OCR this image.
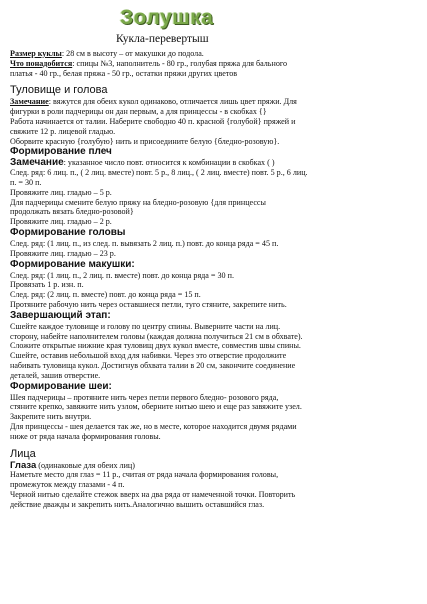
Золушка
Кукла-перевертыш

Размер куклы: 28 см в высоту – от макушки до подола.

Что понадобится: спицы №3, наполнитель - 80 гр., голубая пряжа для бального

платья - 40 гр., белая пряжа - 50 гр., остатки пряжи других цветов

Туловище и голова

Замечание: вяжутся для обеих кукол одинаково, отличается лишь цвет пряжи. Для

фигурки в роли падчерицы он дан первым, а для принцессы - в скобках {}

Работа начинается от талии. Наберите свободно 40 п. красной {голубой} пряжей и

свяжите 12 р. лицевой гладью.

Оборвите красную {голубую} нить и присоедините белую {бледно-розовую}.

Формирование плеч

Замечание: указанное число повт. относится к комбинации в скобках ( )

След. ряд: 6 лиц. п., ( 2 лиц. вместе) повт. 5 р., 8 лиц., ( 2 лиц. вместе) повт. 5 р., 6 лиц.

п. = 30 п.

Провяжите лиц. гладью – 5 р.

Для падчерицы смените белую пряжу на бледно-розовую {для принцессы

продолжать вязать бледно-розовой}

Провяжите лиц. гладью – 2 р.

Формирование головы

След. ряд: (1 лиц. п., из след. п. вывязать 2 лиц. п.) повт. до конца ряда = 45 п.

Провяжите лиц. гладью – 23 р.

Формирование макушки:

След. ряд: (1 лиц. п., 2 лиц. п. вместе) повт. до конца ряда = 30 п.

Провязать 1 р. изн. п.

След. ряд: (2 лиц. п. вместе) повт. до конца ряда = 15 п.

Протяните рабочую нить через оставшиеся петли, туго стяните, закрепите нить.

Завершающий этап:

Сшейте каждое туловище и голову по центру спины. Выверните части на лиц.

сторону, набейте наполнителем головы (каждая должна получиться 21 см в обхвате).

Сложите открытые нижние края туловищ двух кукол вместе, совместив швы спины.

Сшейте, оставив небольшой вход для набивки. Через это отверстие продолжите

набивать туловища кукол. Достигнув обхвата талии в 20 см, закончите соединение

деталей, зашив отверстие.

Формирование шеи:

Шея падчерицы – протяните нить через петли первого бледно- розового ряда,

стяните крепко, завяжите нить узлом, оберните нитью шею и еще раз завяжите узел.

Закрепите нить внутри.

Для принцессы - шея делается так же, но в месте, которое находится двумя рядами

ниже от ряда начала формирования головы.

Лица

Глаза (одинаковые для обеих лиц)

Наметьте место для глаз = 11 р., считая от ряда начала формирования головы,

промежуток между глазами - 4 п.

Черной нитью сделайте стежок вверх на два ряда от намеченной точки. Повторить

действие дважды и закрепить нить.Аналогично вышить оставшийся глаз.
